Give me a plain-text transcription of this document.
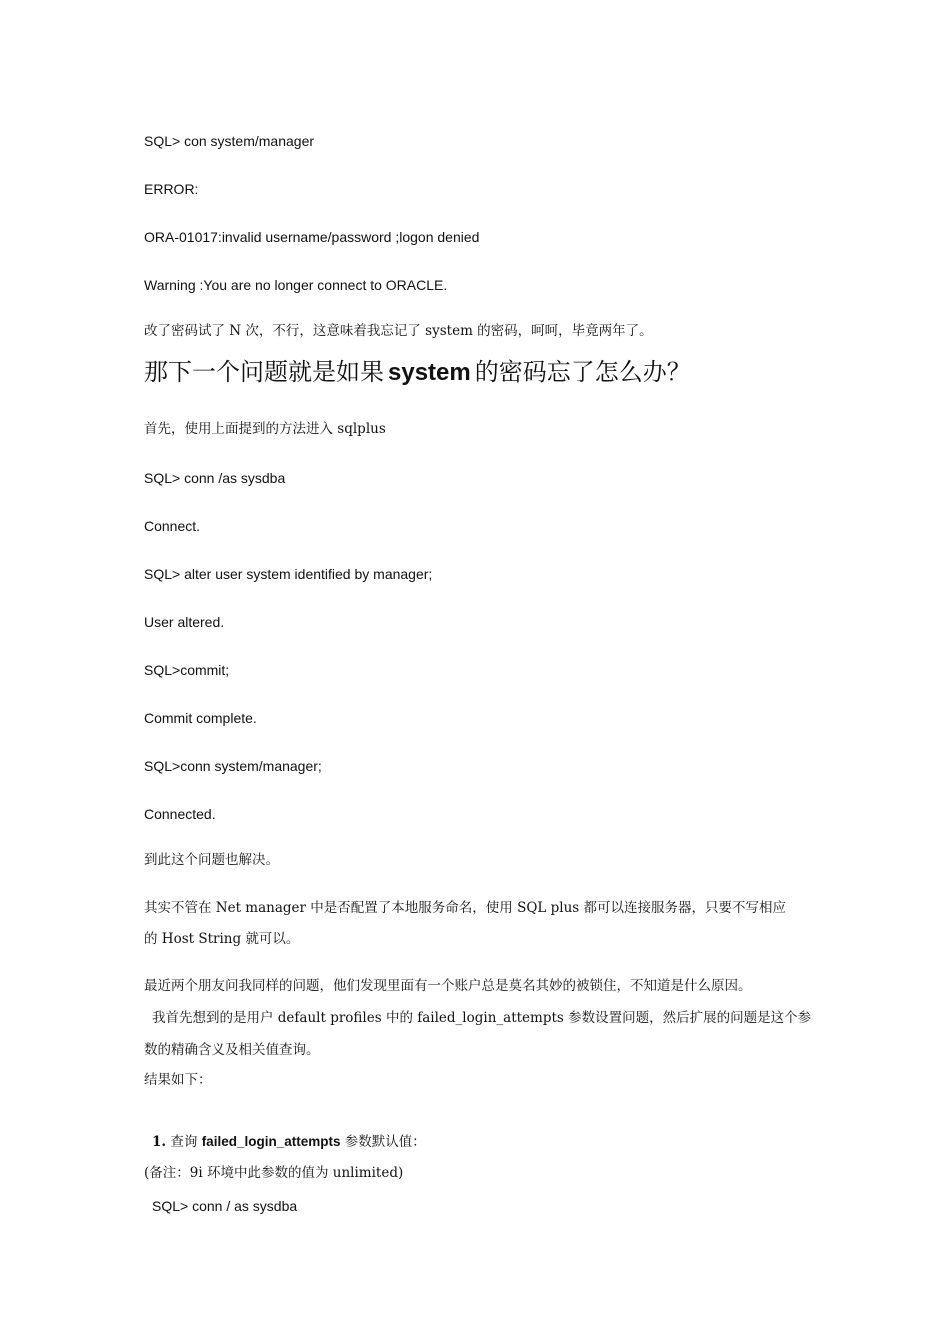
SQL> con system/manager
ERROR:
ORA-01017:invalid username/password ;logon denied
Warning :You are no longer connect to ORACLE.
改了密码试了 N 次，不行，这意味着我忘记了 system 的密码，呵呵，毕竟两年了。
那下一个问题就是如果 system 的密码忘了怎么办？
首先，使用上面提到的方法进入 sqlplus
SQL> conn /as sysdba
Connect.
SQL> alter user system identified by manager;
User altered.
SQL>commit;
Commit complete.
SQL>conn system/manager;
Connected.
到此这个问题也解决。
其实不管在 Net manager 中是否配置了本地服务命名，使用 SQL plus 都可以连接服务器，只要不写相应
的 Host String 就可以。
最近两个朋友问我同样的问题，他们发现里面有一个账户总是莫名其妙的被锁住，不知道是什么原因。
我首先想到的是用户 default profiles 中的 failed_login_attempts 参数设置问题，然后扩展的问题是这个参
数的精确含义及相关值查询。
结果如下：
1. 查询 failed_login_attempts 参数默认值：
(备注：9i 环境中此参数的值为 unlimited)
SQL> conn / as sysdba
